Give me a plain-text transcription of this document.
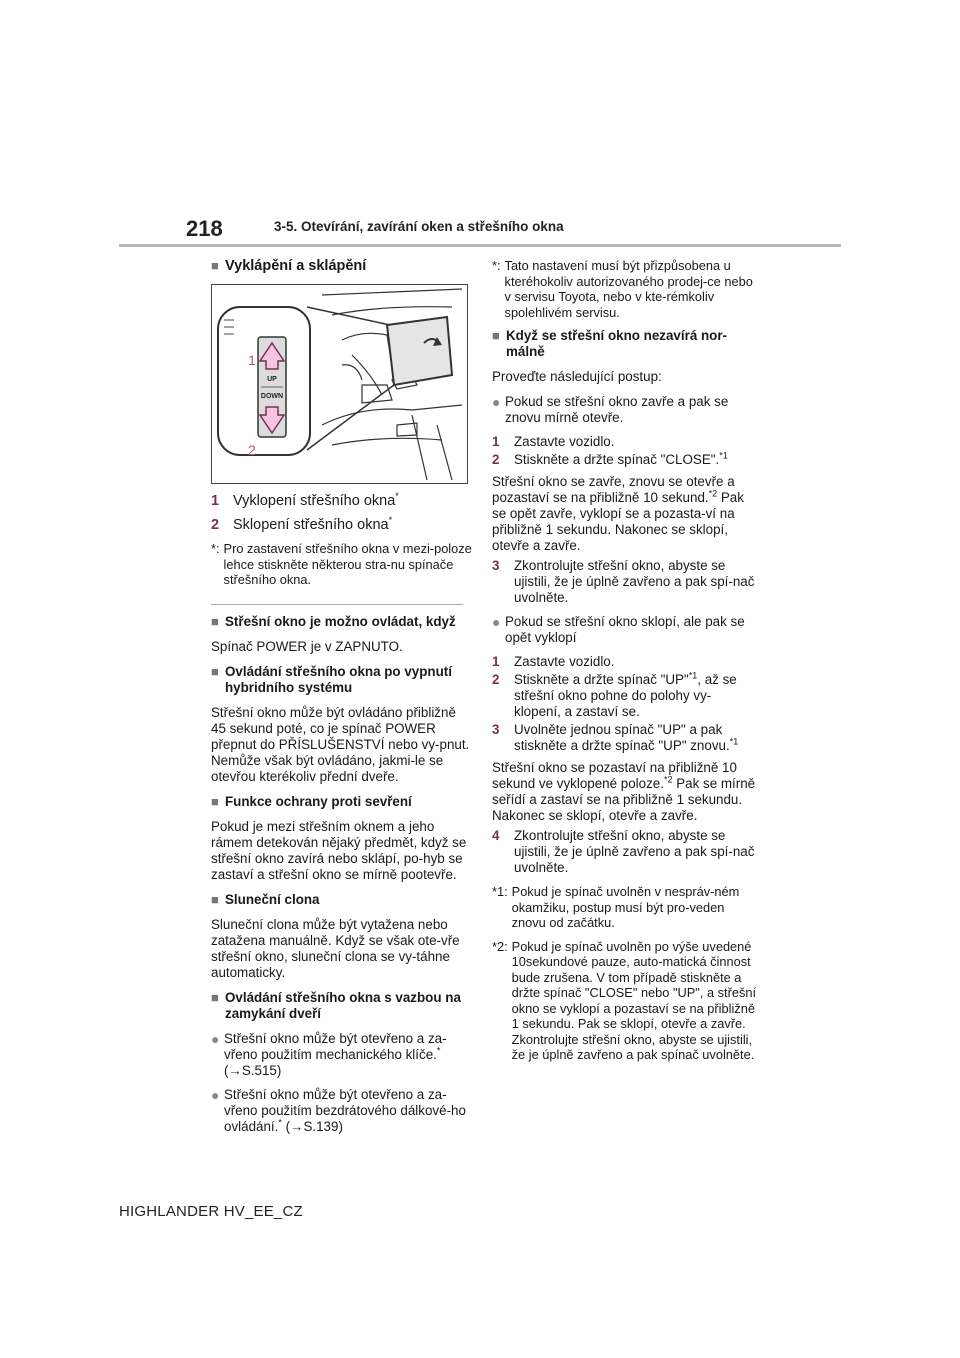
218	3-5. Otevírání, zavírání oken a střešního okna
■ Vyklápění a sklápění
UP
DOWN
1
2
1 Vyklopení střešního okna*
2 Sklopení střešního okna*
*: Pro zastavení střešního okna v mezi-poloze lehce stiskněte některou stra-nu spínače střešního okna.
■ Střešní okno je možno ovládat, když
Spínač POWER je v ZAPNUTO.
■ Ovládání střešního okna po vypnutí hybridního systému
Střešní okno může být ovládáno přibližně 45 sekund poté, co je spínač POWER přepnut do PŘÍSLUŠENSTVÍ nebo vy-pnut. Nemůže však být ovládáno, jakmi-le se otevřou kterékoliv přední dveře.
■ Funkce ochrany proti sevření
Pokud je mezi střešním oknem a jeho rámem detekován nějaký předmět, když se střešní okno zavírá nebo sklápí, po-hyb se zastaví a střešní okno se mírně pootevře.
■ Sluneční clona
Sluneční clona může být vytažena nebo zatažena manuálně. Když se však ote-vře střešní okno, sluneční clona se vy-táhne automaticky.
■ Ovládání střešního okna s vazbou na zamykání dveří
● Střešní okno může být otevřeno a za-vřeno použitím mechanického klíče.*
(→S.515)
● Střešní okno může být otevřeno a za-vřeno použitím bezdrátového dálkové-ho ovládání.* (→S.139)
*: Tato nastavení musí být přizpůsobena u kteréhokoliv autorizovaného prodej-ce nebo v servisu Toyota, nebo v kte-rémkoliv spolehlivém servisu.
■ Když se střešní okno nezavírá nor-málně
Proveďte následující postup:
● Pokud se střešní okno zavře a pak se znovu mírně otevře.
1	Zastavte vozidlo.
2	Stiskněte a držte spínač "CLOSE".$^{*1}$
Střešní okno se zavře, znovu se otevře a pozastaví se na přibližně 10 sekund.$^{*2}$ Pak se opět zavře, vyklopí se a pozasta-ví na přibližně 1 sekundu. Nakonec se sklopí, otevře a zavře.
3	Zkontrolujte střešní okno, abyste se ujistili, že je úplně zavřeno a pak spí-nač uvolněte.
● Pokud se střešní okno sklopí, ale pak se opět vyklopí
1	Zastavte vozidlo.
2	Stiskněte a držte spínač "UP"$^{*1}$, až se střešní okno pohne do polohy vy-klopení, a zastaví se.
3	Uvolněte jednou spínač "UP" a pak stiskněte a držte spínač "UP" znovu.$^{*1}$
Střešní okno se pozastaví na přibližně 10 sekund ve vyklopené poloze.$^{*2}$ Pak se mírně seřídí a zastaví se na přibližně 1 sekundu. Nakonec se sklopí, otevře a zavře.
4	Zkontrolujte střešní okno, abyste se ujistili, že je úplně zavřeno a pak spí-nač uvolněte.
*1: Pokud je spínač uvolněn v nespráv-ném okamžiku, postup musí být pro-veden znovu od začátku.
*2: Pokud je spínač uvolněn po výše uvedené 10sekundové pauze, auto-matická činnost bude zrušena. V tom případě stiskněte a držte spínač "CLOSE" nebo "UP", a střešní okno se vyklopí a pozastaví se na přibližně 1 sekundu. Pak se sklopí, otevře a zavře. Zkontrolujte střešní okno, abyste se ujistili, že je úplně zavřeno a pak spínač uvolněte.
HIGHLANDER HV_EE_CZ
